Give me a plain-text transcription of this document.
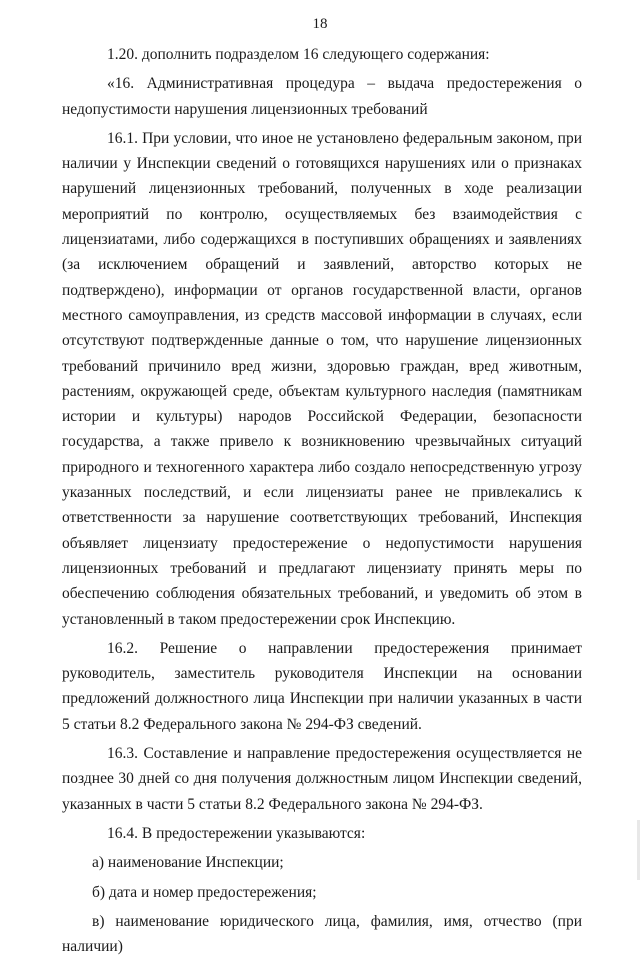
18

1.20. дополнить подразделом 16 следующего содержания:

«16. Административная процедура – выдача предостережения о недопустимости нарушения лицензионных требований

16.1. При условии, что иное не установлено федеральным законом, при наличии у Инспекции сведений о готовящихся нарушениях или о признаках нарушений лицензионных требований, полученных в ходе реализации мероприятий по контролю, осуществляемых без взаимодействия с лицензиатами, либо содержащихся в поступивших обращениях и заявлениях (за исключением обращений и заявлений, авторство которых не подтверждено), информации от органов государственной власти, органов местного самоуправления, из средств массовой информации в случаях, если отсутствуют подтвержденные данные о том, что нарушение лицензионных требований причинило вред жизни, здоровью граждан, вред животным, растениям, окружающей среде, объектам культурного наследия (памятникам истории и культуры) народов Российской Федерации, безопасности государства, а также привело к возникновению чрезвычайных ситуаций природного и техногенного характера либо создало непосредственную угрозу указанных последствий, и если лицензиаты ранее не привлекались к ответственности за нарушение соответствующих требований, Инспекция объявляет лицензиату предостережение о недопустимости нарушения лицензионных требований и предлагают лицензиату принять меры по обеспечению соблюдения обязательных требований, и уведомить об этом в установленный в таком предостережении срок Инспекцию.

16.2. Решение о направлении предостережения принимает руководитель, заместитель руководителя Инспекции на основании предложений должностного лица Инспекции при наличии указанных в части 5 статьи 8.2 Федерального закона № 294-ФЗ сведений.

16.3. Составление и направление предостережения осуществляется не позднее 30 дней со дня получения должностным лицом Инспекции сведений, указанных в части 5 статьи 8.2 Федерального закона № 294-ФЗ.

16.4. В предостережении указываются:

а) наименование Инспекции;

б) дата и номер предостережения;

в) наименование юридического лица, фамилия, имя, отчество (при наличии)
